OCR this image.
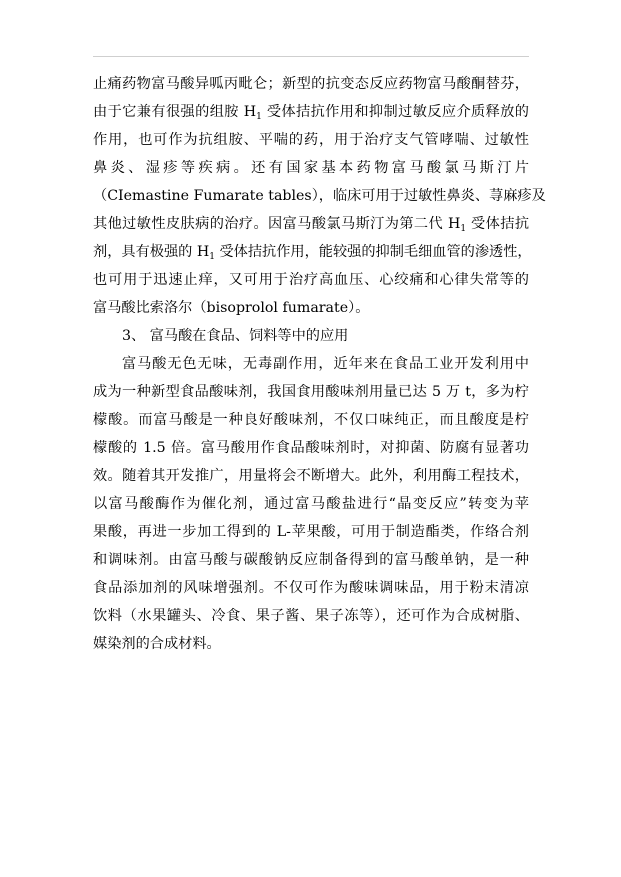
止痛药物富马酸异呱丙毗仑；新型的抗变态反应药物富马酸酮替芬，
由于它兼有很强的组胺 $H_1$ 受体拮抗作用和抑制过敏反应介质释放的
作用，也可作为抗组胺、平喘的药，用于治疗支气管哮喘、过敏性
鼻炎、湿疹等疾病。还有国家基本药物富马酸氯马斯汀片
（CIemastine Fumarate tables），临床可用于过敏性鼻炎、荨麻疹及
其他过敏性皮肤病的治疗。因富马酸氯马斯汀为第二代 $H_1$ 受体拮抗
剂，具有极强的 $H_1$ 受体拮抗作用，能较强的抑制毛细血管的渗透性，
也可用于迅速止痒，又可用于治疗高血压、心绞痛和心律失常等的
富马酸比索洛尔（bisoprolol fumarate）。
3、 富马酸在食品、饲料等中的应用
富马酸无色无味，无毒副作用，近年来在食品工业开发利用中
成为一种新型食品酸味剂，我国食用酸味剂用量已达 5 万 t，多为柠
檬酸。而富马酸是一种良好酸味剂，不仅口味纯正，而且酸度是柠
檬酸的 1.5 倍。富马酸用作食品酸味剂时，对抑菌、防腐有显著功
效。随着其开发推广，用量将会不断增大。此外，利用酶工程技术，
以富马酸酶作为催化剂，通过富马酸盐进行“晶变反应”转变为苹
果酸，再进一步加工得到的 L-苹果酸，可用于制造酯类，作络合剂
和调味剂。由富马酸与碳酸钠反应制备得到的富马酸单钠，是一种
食品添加剂的风味增强剂。不仅可作为酸味调味品，用于粉末清凉
饮料（水果罐头、冷食、果子酱、果子冻等），还可作为合成树脂、
媒染剂的合成材料。
